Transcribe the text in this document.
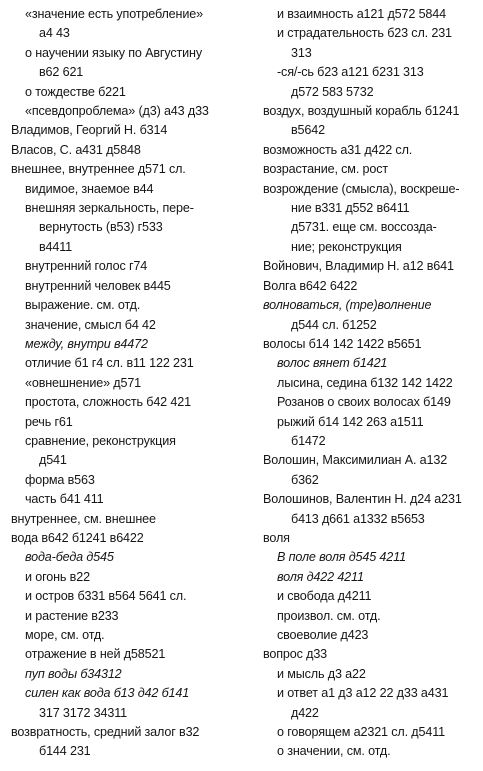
«значение есть употребление»
а4 43
о научении языку по Августину
в62 621
о тождестве б221
«псевдопроблема» (д3) а43 д33
Владимов, Георгий Н. б314
Власов, С. а431 д5848
внешнее, внутреннее д571 сл.
видимое, знаемое в44
внешняя зеркальность, пере-
вернутость (в53) г533
в4411
внутренний голос г74
внутренний человек в445
выражение. см. отд.
значение, смысл б4 42
между, внутри в4472
отличие б1 г4 сл. в11 122 231
«овнешнение» д571
простота, сложность б42 421
речь г61
сравнение, реконструкция
д541
форма в563
часть б41 411
внутреннее, см. внешнее
вода в642 б1241 в6422
вода-беда д545
и огонь в22
и остров б331 в564 5641 сл.
и растение в233
море, см. отд.
отражение в ней д58521
пуп воды б34312
силен как вода б13 д42 б141
317 3172 34311
возвратность, средний залог в32
б144 231
и взаимность а121 д572 5844
и страдательность б23 сл. 231
313
-ся/-сь б23 а121 б231 313
д572 583 5732
воздух, воздушный корабль б1241
в5642
возможность а31 д422 сл.
возрастание, см. рост
возрождение (смысла), воскреше-
ние в331 д552 в6411
д5731. еще см. воссозда-
ние; реконструкция
Войнович, Владимир Н. а12 в641
Волга в642 6422
волноваться, (тре)волнение
д544 сл. б1252
волосы б14 142 1422 в5651
волос вянет б1421
лысина, седина б132 142 1422
Розанов о своих волосах б149
рыжий б14 142 263 а1511
б1472
Волошин, Максимилиан А. а132
б362
Волошинов, Валентин Н. д24 а231
б413 д661 а1332 в5653
воля
В поле воля д545 4211
воля д422 4211
и свобода д4211
произвол. см. отд.
своеволие д423
вопрос д33
и мысль д3 а22
и ответ а1 д3 а12 22 д33 а431
д422
о говорящем а2321 сл. д5411
о значении, см. отд.
